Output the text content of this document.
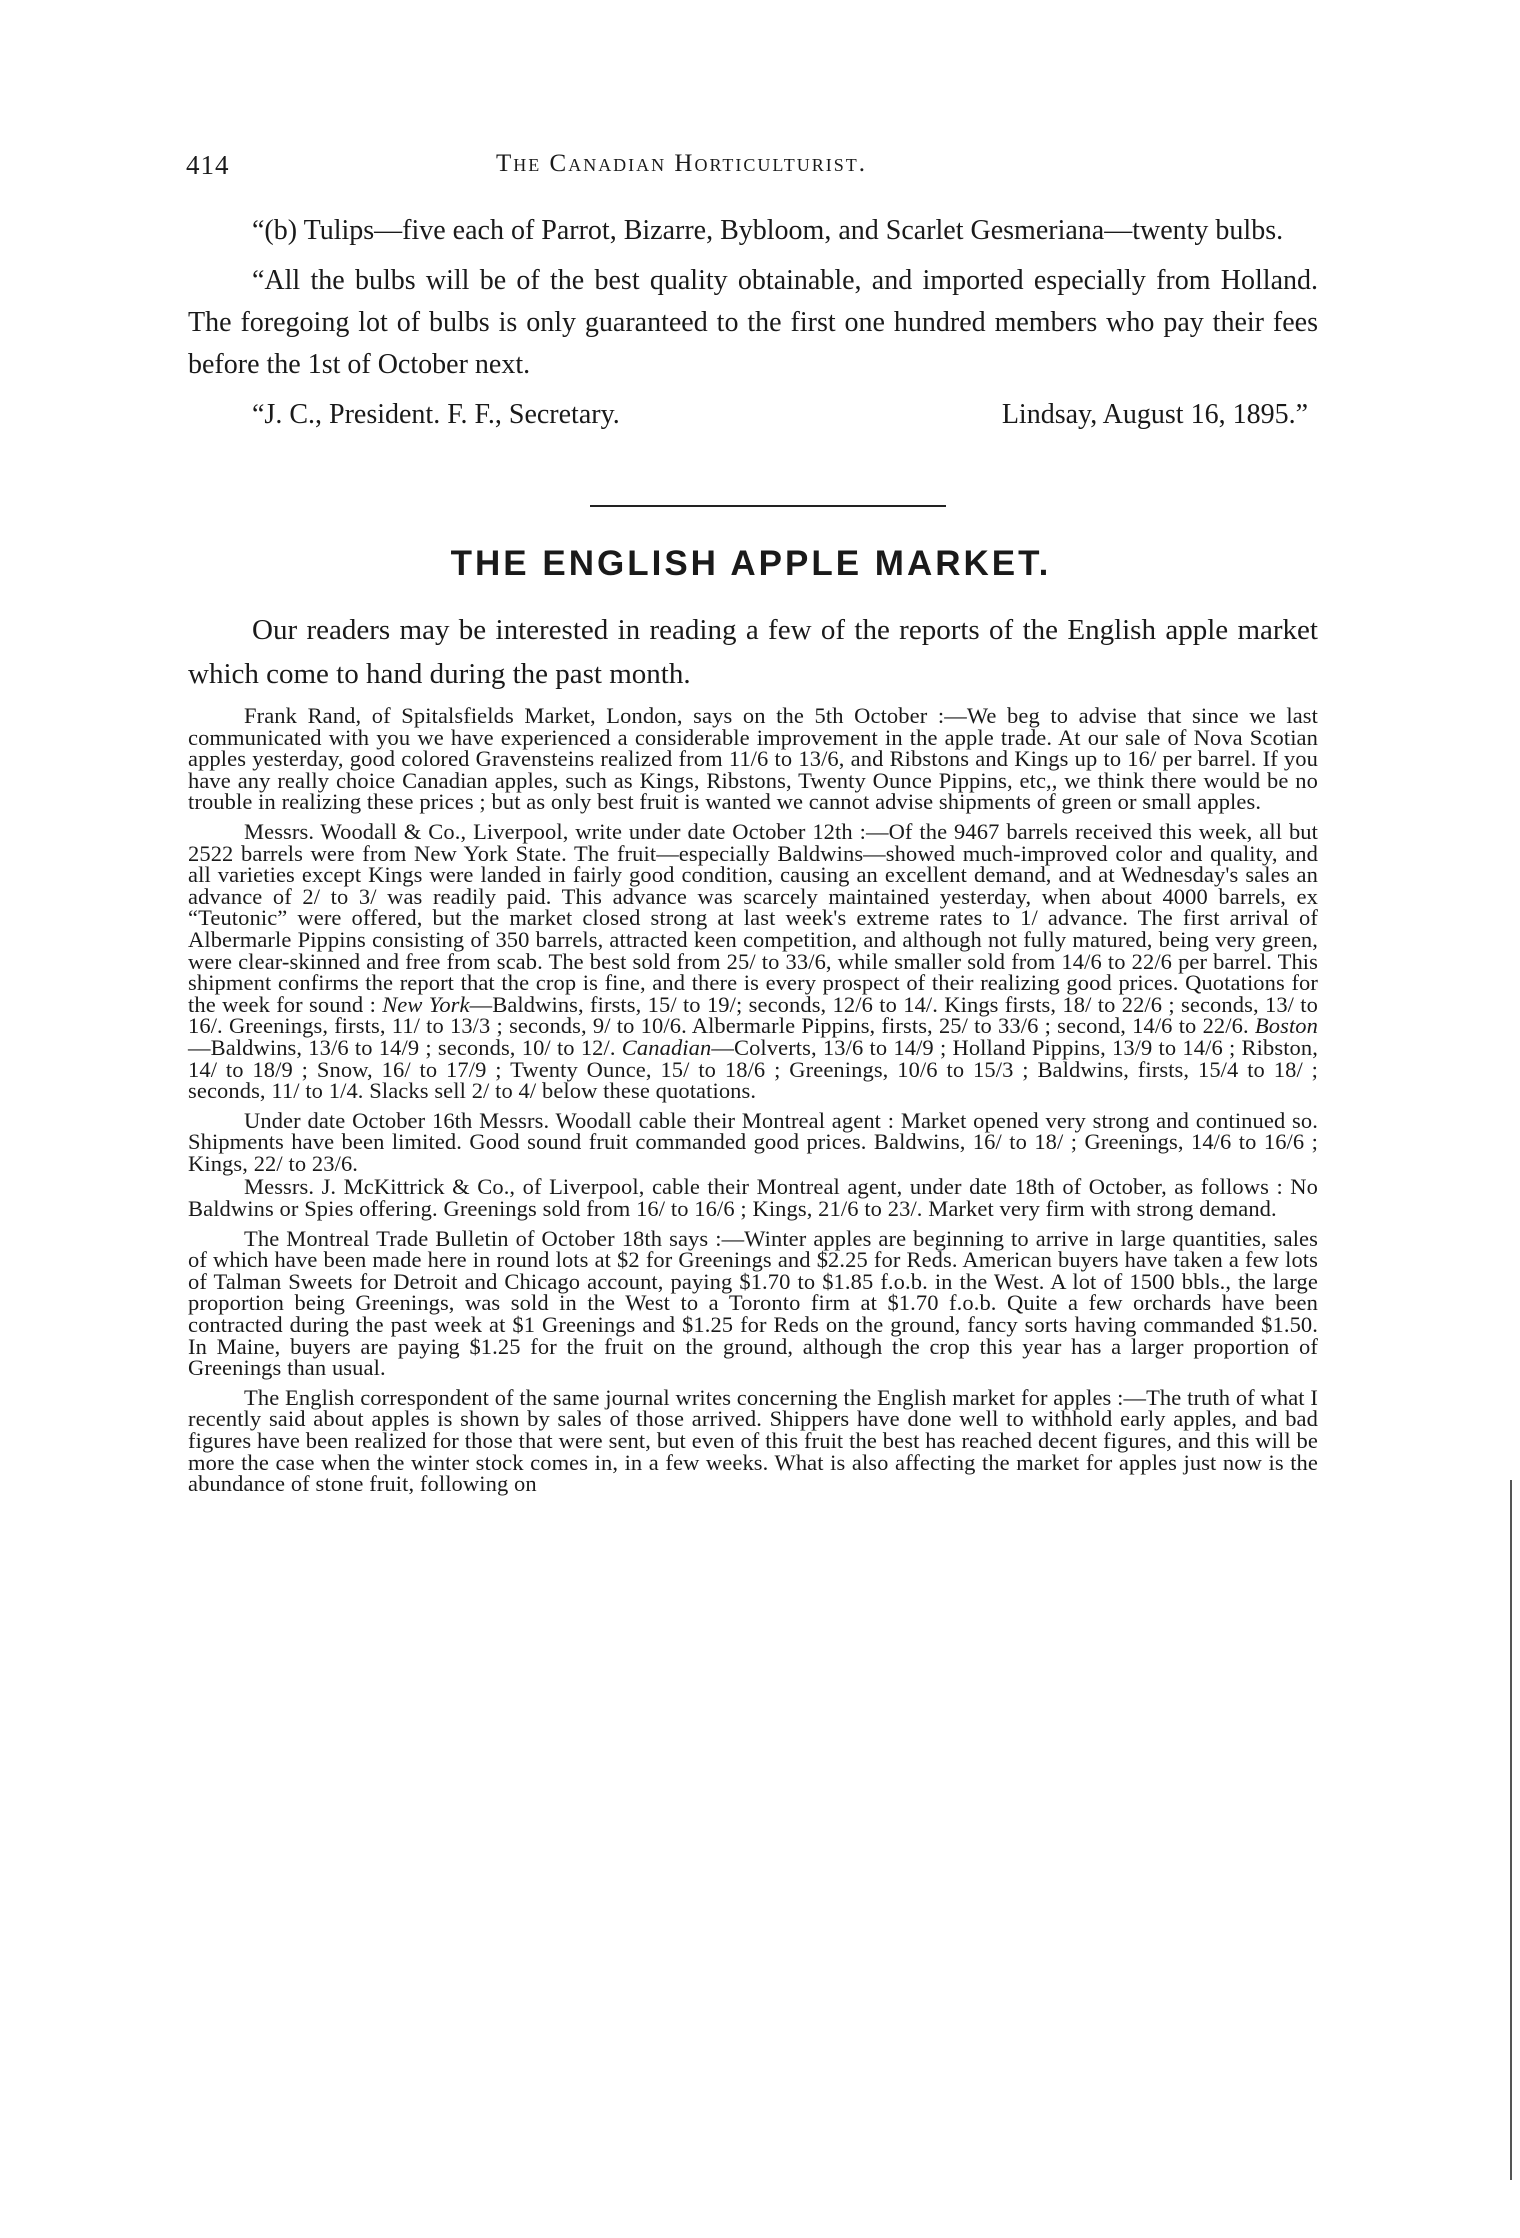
414	The Canadian Horticulturist.

“(b) Tulips—five each of Parrot, Bizarre, Bybloom, and Scarlet Gesmeriana—twenty bulbs.

“All the bulbs will be of the best quality obtainable, and imported especially from Holland. The foregoing lot of bulbs is only guaranteed to the first one hundred members who pay their fees before the 1st of October next.

“J. C., President. F. F., Secretary.	Lindsay, August 16, 1895.”
THE ENGLISH APPLE MARKET.

Our readers may be interested in reading a few of the reports of the English apple market which come to hand during the past month.

Frank Rand, of Spitalsfields Market, London, says on the 5th October :—We beg to advise that since we last communicated with you we have experienced a considerable improvement in the apple trade. At our sale of Nova Scotian apples yesterday, good colored Gravensteins realized from 11/6 to 13/6, and Ribstons and Kings up to 16/ per barrel. If you have any really choice Canadian apples, such as Kings, Ribstons, Twenty Ounce Pippins, etc,, we think there would be no trouble in realizing these prices ; but as only best fruit is wanted we cannot advise shipments of green or small apples.

Messrs. Woodall & Co., Liverpool, write under date October 12th :—Of the 9467 barrels received this week, all but 2522 barrels were from New York State. The fruit—especially Baldwins—showed much-improved color and quality, and all varieties except Kings were landed in fairly good condition, causing an excellent demand, and at Wednesday's sales an advance of 2/ to 3/ was readily paid. This advance was scarcely maintained yesterday, when about 4000 barrels, ex “Teutonic” were offered, but the market closed strong at last week's extreme rates to 1/ advance. The first arrival of Albermarle Pippins consisting of 350 barrels, attracted keen competition, and although not fully matured, being very green, were clear-skinned and free from scab. The best sold from 25/ to 33/6, while smaller sold from 14/6 to 22/6 per barrel. This shipment confirms the report that the crop is fine, and there is every prospect of their realizing good prices. Quotations for the week for sound : New York—Baldwins, firsts, 15/ to 19/; seconds, 12/6 to 14/. Kings firsts, 18/ to 22/6 ; seconds, 13/ to 16/. Greenings, firsts, 11/ to 13/3 ; seconds, 9/ to 10/6. Albermarle Pippins, firsts, 25/ to 33/6 ; second, 14/6 to 22/6. Boston—Baldwins, 13/6 to 14/9 ; seconds, 10/ to 12/. Canadian—Colverts, 13/6 to 14/9 ; Holland Pippins, 13/9 to 14/6 ; Ribston, 14/ to 18/9 ; Snow, 16/ to 17/9 ; Twenty Ounce, 15/ to 18/6 ; Greenings, 10/6 to 15/3 ; Baldwins, firsts, 15/4 to 18/ ; seconds, 11/ to 1/4. Slacks sell 2/ to 4/ below these quotations.

Under date October 16th Messrs. Woodall cable their Montreal agent : Market opened very strong and continued so. Shipments have been limited. Good sound fruit commanded good prices. Baldwins, 16/ to 18/ ; Greenings, 14/6 to 16/6 ; Kings, 22/ to 23/6.

Messrs. J. McKittrick & Co., of Liverpool, cable their Montreal agent, under date 18th of October, as follows : No Baldwins or Spies offering. Greenings sold from 16/ to 16/6 ; Kings, 21/6 to 23/. Market very firm with strong demand.

The Montreal Trade Bulletin of October 18th says :—Winter apples are beginning to arrive in large quantities, sales of which have been made here in round lots at $2 for Greenings and $2.25 for Reds. American buyers have taken a few lots of Talman Sweets for Detroit and Chicago account, paying $1.70 to $1.85 f.o.b. in the West. A lot of 1500 bbls., the large proportion being Greenings, was sold in the West to a Toronto firm at $1.70 f.o.b. Quite a few orchards have been contracted during the past week at $1 Greenings and $1.25 for Reds on the ground, fancy sorts having commanded $1.50. In Maine, buyers are paying $1.25 for the fruit on the ground, although the crop this year has a larger proportion of Greenings than usual.

The English correspondent of the same journal writes concerning the English market for apples :—The truth of what I recently said about apples is shown by sales of those arrived. Shippers have done well to withhold early apples, and bad figures have been realized for those that were sent, but even of this fruit the best has reached decent figures, and this will be more the case when the winter stock comes in, in a few weeks. What is also affecting the market for apples just now is the abundance of stone fruit, following on
